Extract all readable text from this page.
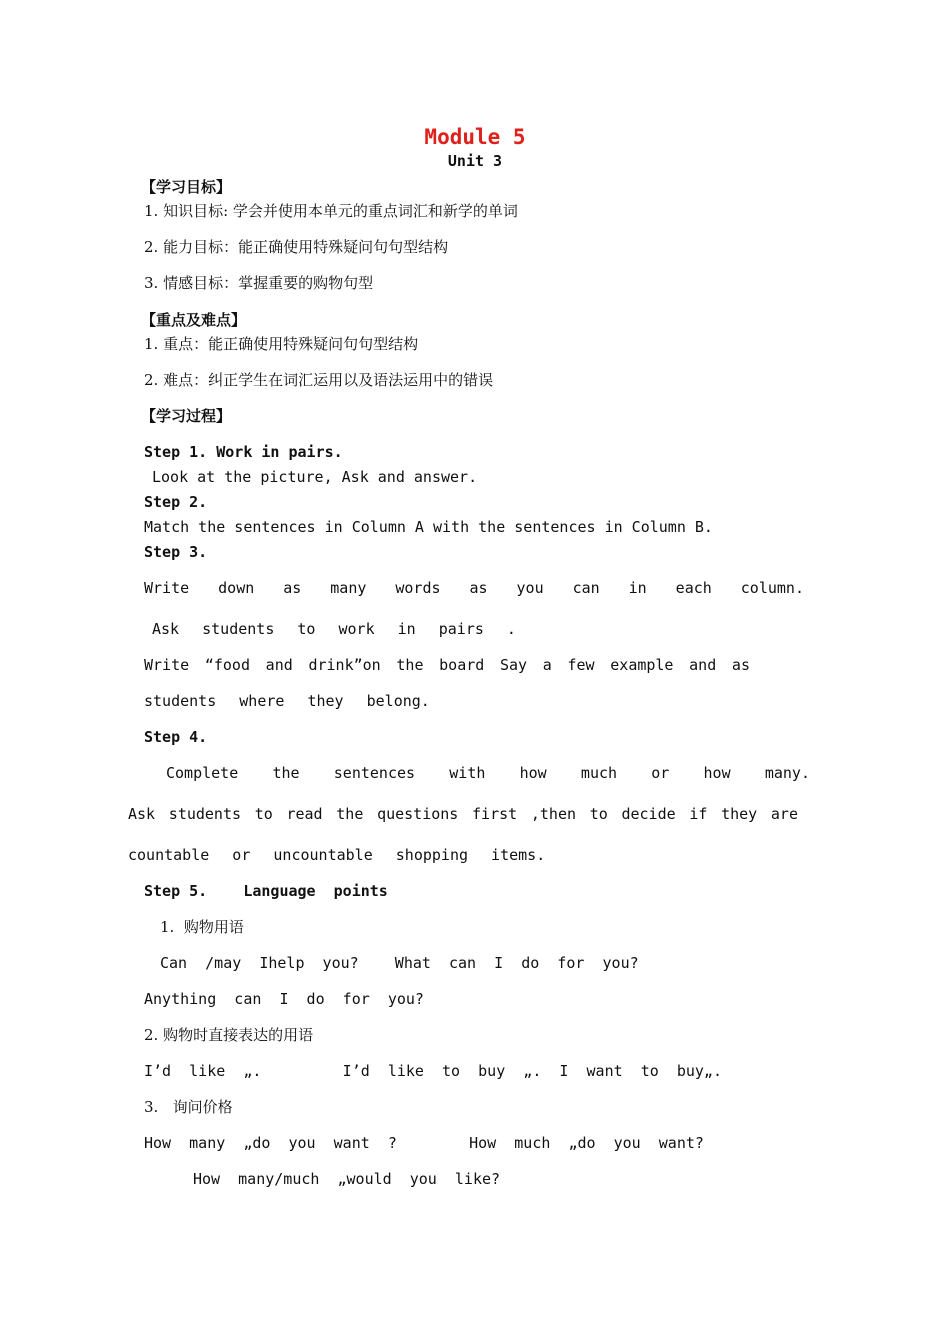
Module 5
Unit 3
【学习目标】
1. 知识目标: 学会并使用本单元的重点词汇和新学的单词
2. 能力目标：能正确使用特殊疑问句句型结构
3. 情感目标：掌握重要的购物句型
【重点及难点】
1. 重点：能正确使用特殊疑问句句型结构
2. 难点：纠正学生在词汇运用以及语法运用中的错误
【学习过程】
Step 1. Work in pairs.
Look at the picture, Ask and answer.
Step 2.
Match the sentences in Column A with the sentences in Column B.
Step 3.
Write down as many words as you can in each column.
Ask students to work in pairs .
Write “food and drink”on the board Say a few example and as
students where they belong.
Step 4.
Complete the sentences with how much or how many.
Ask students to read the questions first ,then to decide if they are
countable or uncountable shopping items.
Step 5.    Language  points
1.  购物用语
Can  /may  Ihelp  you?    What  can  I  do  for  you?
Anything  can  I  do  for  you?
2. 购物时直接表达的用语
I’d  like  „.         I’d  like  to  buy  „.  I  want  to  buy„.
3.   询问价格
How  many  „do  you  want  ?        How  much  „do  you  want?
How  many/much  „would  you  like?
